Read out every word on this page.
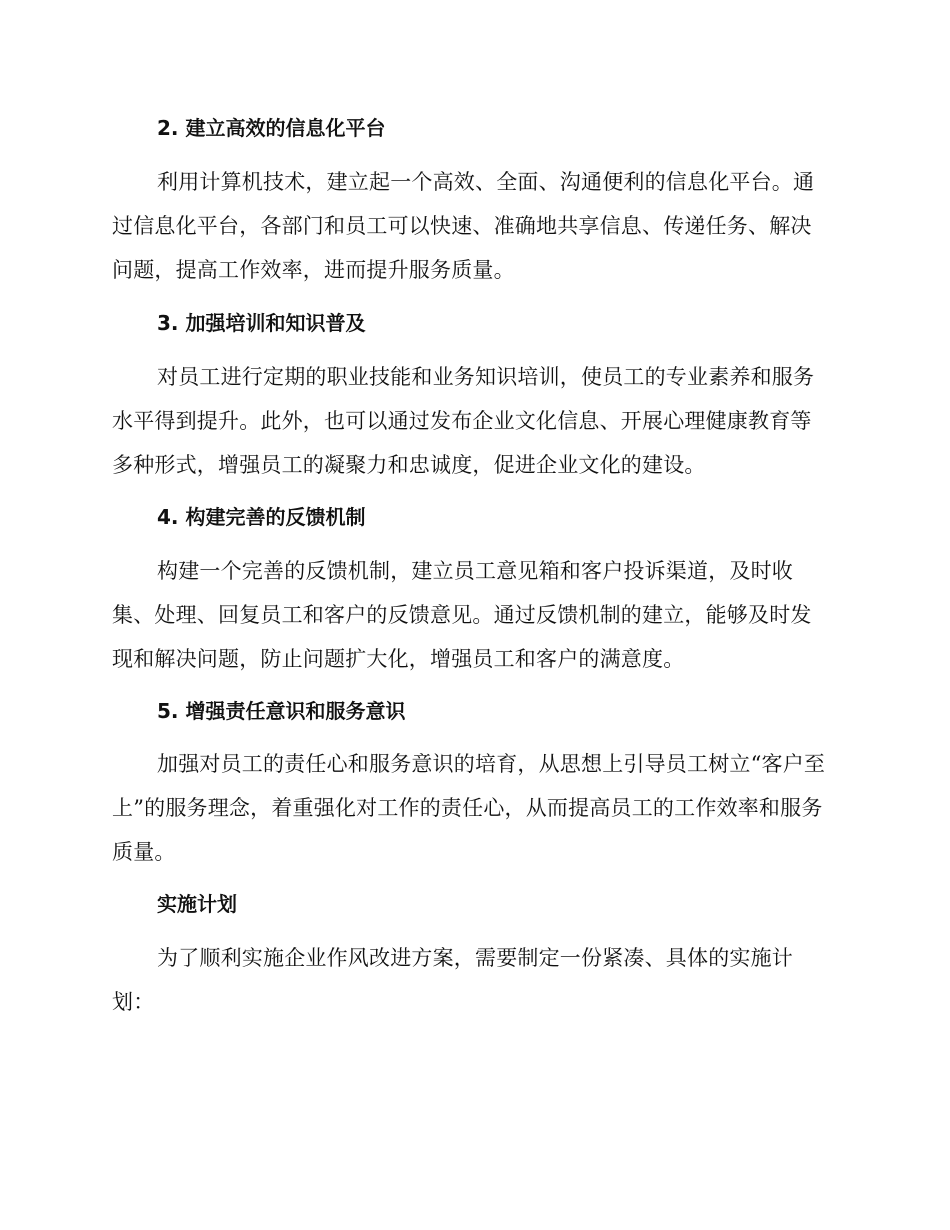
2. 建立高效的信息化平台
利用计算机技术，建立起一个高效、全面、沟通便利的信息化平台。通过信息化平台，各部门和员工可以快速、准确地共享信息、传递任务、解决问题，提高工作效率，进而提升服务质量。
3. 加强培训和知识普及
对员工进行定期的职业技能和业务知识培训，使员工的专业素养和服务水平得到提升。此外，也可以通过发布企业文化信息、开展心理健康教育等多种形式，增强员工的凝聚力和忠诚度，促进企业文化的建设。
4. 构建完善的反馈机制
构建一个完善的反馈机制，建立员工意见箱和客户投诉渠道，及时收集、处理、回复员工和客户的反馈意见。通过反馈机制的建立，能够及时发现和解决问题，防止问题扩大化，增强员工和客户的满意度。
5. 增强责任意识和服务意识
加强对员工的责任心和服务意识的培育，从思想上引导员工树立“客户至上”的服务理念，着重强化对工作的责任心，从而提高员工的工作效率和服务质量。
实施计划
为了顺利实施企业作风改进方案，需要制定一份紧凑、具体的实施计划：
